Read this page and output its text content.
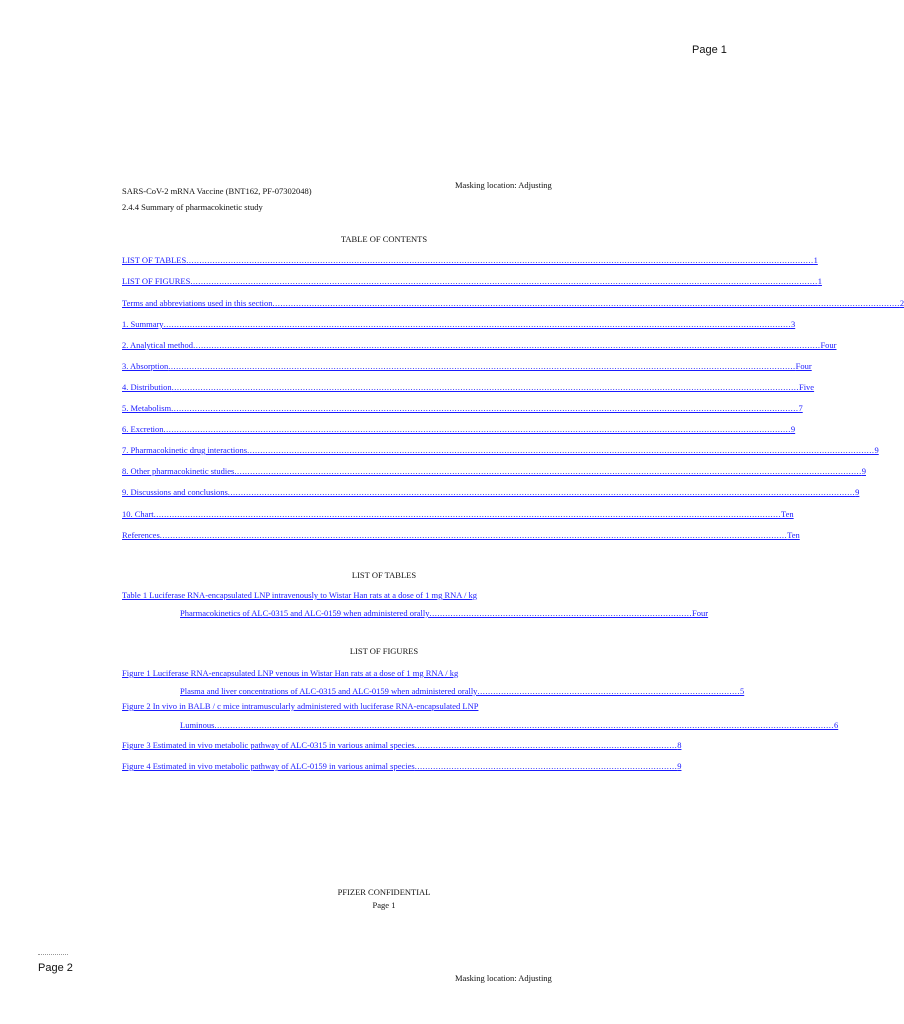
Page 1
Masking location: Adjusting
SARS-CoV-2 mRNA Vaccine (BNT162, PF-07302048)
2.4.4 Summary of pharmacokinetic study
TABLE OF CONTENTS
LIST OF TABLES ............................................................................................................................................................................................................................................... 1
LIST OF FIGURES ............................................................................................................................................................................................................................................... 1
Terms and abbreviations used in this section ............................................................................................................................................................................................................................................... 2
1. Summary ............................................................................................................................................................................................................................................... 3
2. Analytical method ............................................................................................................................................................................................................................................... Four
3. Absorption ............................................................................................................................................................................................................................................... Four
4. Distribution ............................................................................................................................................................................................................................................... Five
5. Metabolism ............................................................................................................................................................................................................................................... 7
6. Excretion ............................................................................................................................................................................................................................................... 9
7. Pharmacokinetic drug interactions ............................................................................................................................................................................................................................................... 9
8. Other pharmacokinetic studies ............................................................................................................................................................................................................................................... 9
9. Discussions and conclusions ............................................................................................................................................................................................................................................... 9
10. Chart ............................................................................................................................................................................................................................................... Ten
References ............................................................................................................................................................................................................................................... Ten
LIST OF TABLES
Table 1 Luciferase RNA-encapsulated LNP intravenously to Wistar Han rats at a dose of 1 mg RNA / kg
Pharmacokinetics of ALC-0315 and ALC-0159 when administered orally .................................................................................................... Four
LIST OF FIGURES
Figure 1 Luciferase RNA-encapsulated LNP venous in Wistar Han rats at a dose of 1 mg RNA / kg
Plasma and liver concentrations of ALC-0315 and ALC-0159 when administered orally .................................................................................................... 5
Figure 2 In vivo in BALB / c mice intramuscularly administered with luciferase RNA-encapsulated LNP
Luminous ............................................................................................................................................................................................................................................ 6
Figure 3 Estimated in vivo metabolic pathway of ALC-0315 in various animal species .................................................................................................... 8
Figure 4 Estimated in vivo metabolic pathway of ALC-0159 in various animal species .................................................................................................... 9
PFIZER CONFIDENTIAL
Page 1
Page 2
Masking location: Adjusting
